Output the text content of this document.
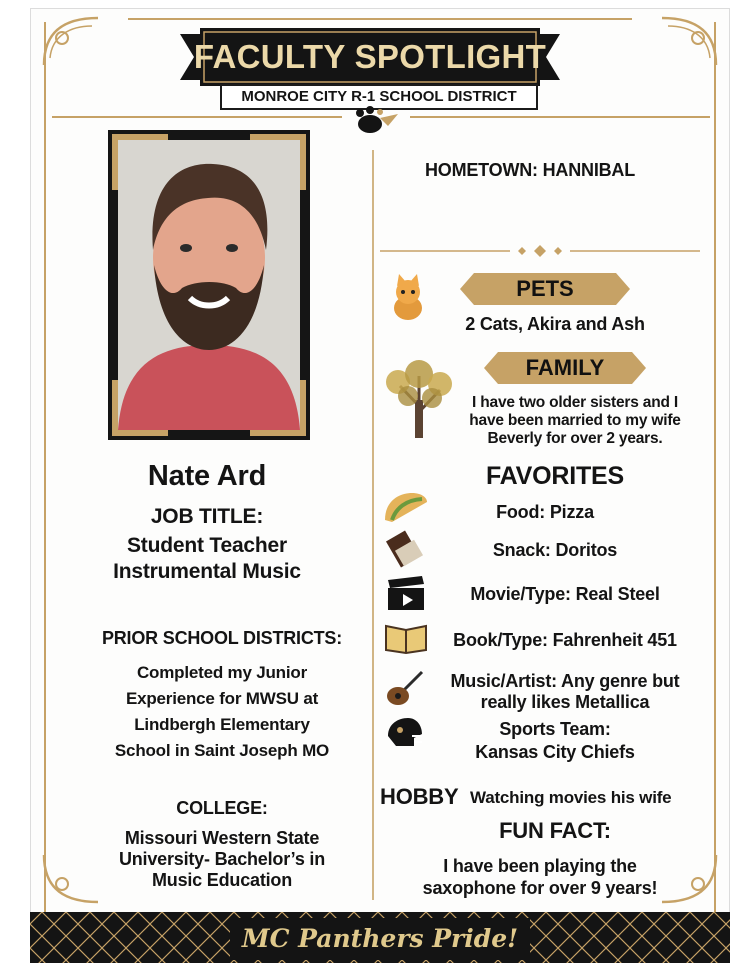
FACULTY SPOTLIGHT
MONROE CITY R-1 SCHOOL DISTRICT
Nate Ard
JOB TITLE:
Student Teacher
Instrumental Music
PRIOR SCHOOL DISTRICTS:
Completed my Junior
Experience for MWSU at
Lindbergh Elementary
School in Saint Joseph MO
COLLEGE:
Missouri Western State
University- Bachelor’s in
Music Education
HOMETOWN: HANNIBAL
PETS
2 Cats, Akira and Ash
FAMILY
I have two older sisters and I
have been married to my wife
Beverly for over 2 years.
FAVORITES
Food: Pizza
Snack: Doritos
Movie/Type: Real Steel
Book/Type: Fahrenheit 451
Music/Artist: Any genre but
really likes Metallica
Sports Team:
Kansas City Chiefs
HOBBY Watching movies his wife
FUN FACT:
I have been playing the
saxophone for over 9 years!
MC Panthers Pride!
